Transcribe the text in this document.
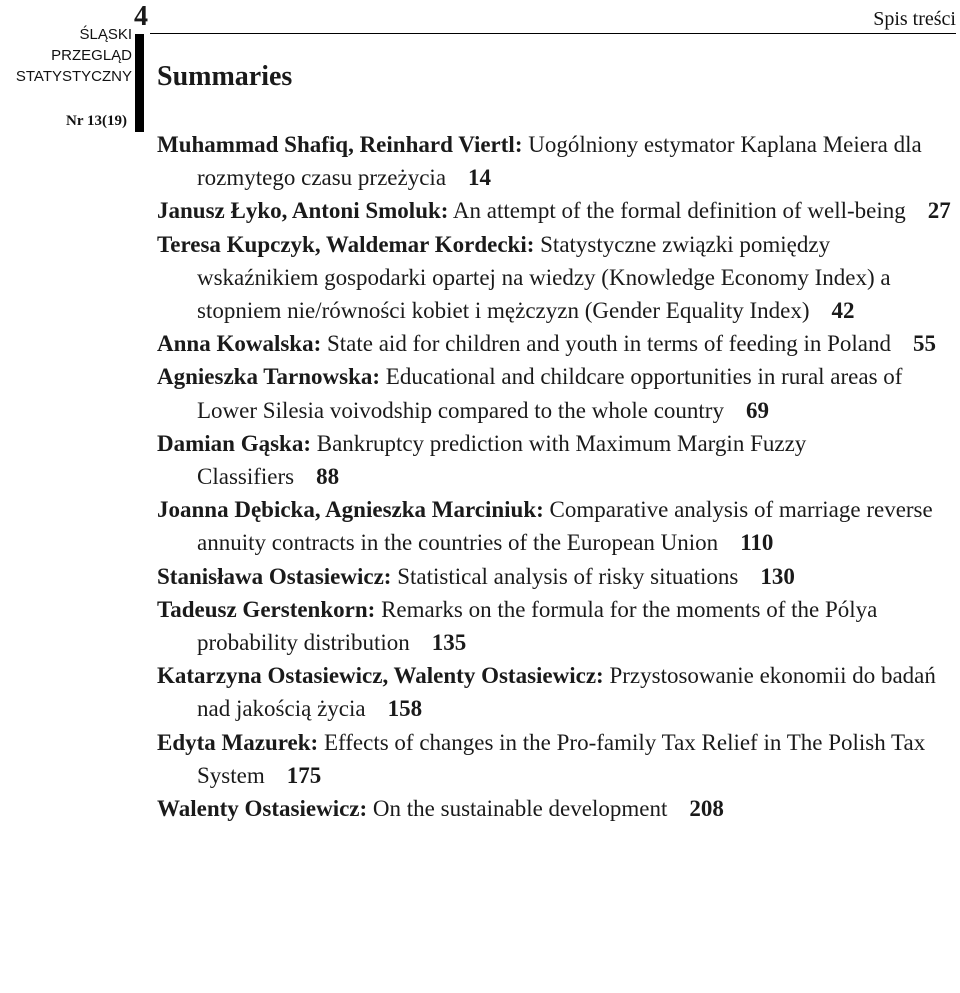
ŚLĄSKI
PRZEGLĄD
STATYSTYCZNY
Nr 13(19)
4	Spis treści
Summaries
Muhammad Shafiq, Reinhard Viertl: Uogólniony estymator Kaplana Meiera dla rozmytego czasu przeżycia 14
Janusz Łyko, Antoni Smoluk: An attempt of the formal definition of well-being 27
Teresa Kupczyk, Waldemar Kordecki: Statystyczne związki pomiędzy wskaźnikiem gospodarki opartej na wiedzy (Knowledge Economy Index) a stopniem nie/równości kobiet i mężczyzn (Gender Equality Index) 42
Anna Kowalska: State aid for children and youth in terms of feeding in Poland 55
Agnieszka Tarnowska: Educational and childcare opportunities in rural areas of Lower Silesia voivodship compared to the whole country 69
Damian Gąska: Bankruptcy prediction with Maximum Margin Fuzzy Classifiers 88
Joanna Dębicka, Agnieszka Marciniuk: Comparative analysis of marriage reverse annuity contracts in the countries of the European Union 110
Stanisława Ostasiewicz: Statistical analysis of risky situations 130
Tadeusz Gerstenkorn: Remarks on the formula for the moments of the Pólya probability distribution 135
Katarzyna Ostasiewicz, Walenty Ostasiewicz: Przystosowanie ekonomii do badań nad jakością życia 158
Edyta Mazurek: Effects of changes in the Pro-family Tax Relief in The Polish Tax System 175
Walenty Ostasiewicz: On the sustainable development 208
